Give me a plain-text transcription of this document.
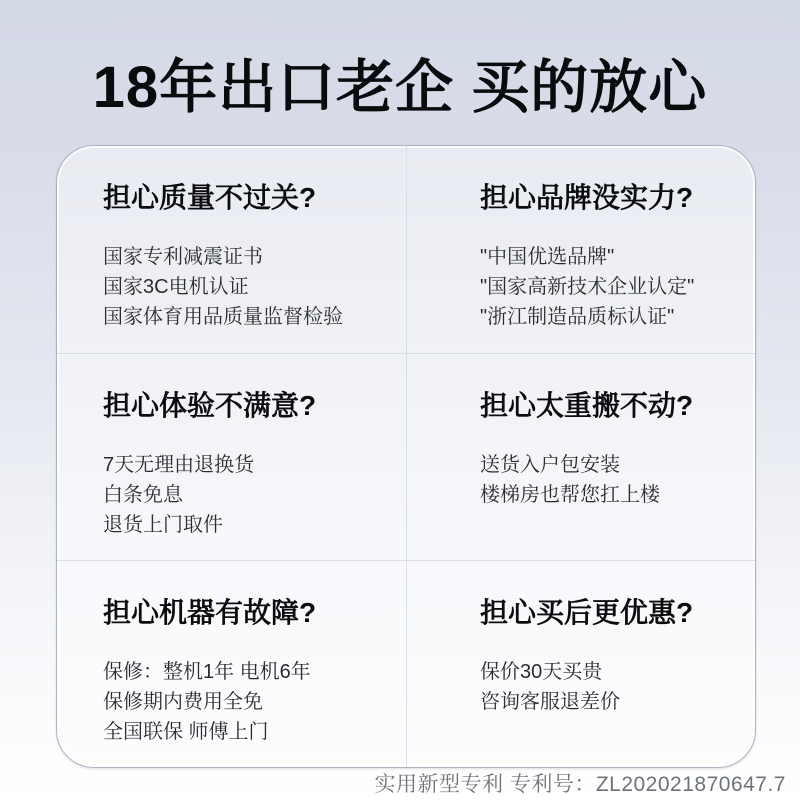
18年出口老企 买的放心
担心质量不过关?
国家专利减震证书
国家3C电机认证
国家体育用品质量监督检验
担心品牌没实力?
"中国优选品牌"
"国家高新技术企业认定"
"浙江制造品质标认证"
担心体验不满意?
7天无理由退换货
白条免息
退货上门取件
担心太重搬不动?
送货入户包安装
楼梯房也帮您扛上楼
担心机器有故障?
保修：整机1年 电机6年
保修期内费用全免
全国联保 师傅上门
担心买后更优惠?
保价30天买贵
咨询客服退差价
实用新型专利 专利号：ZL202021870647.7
